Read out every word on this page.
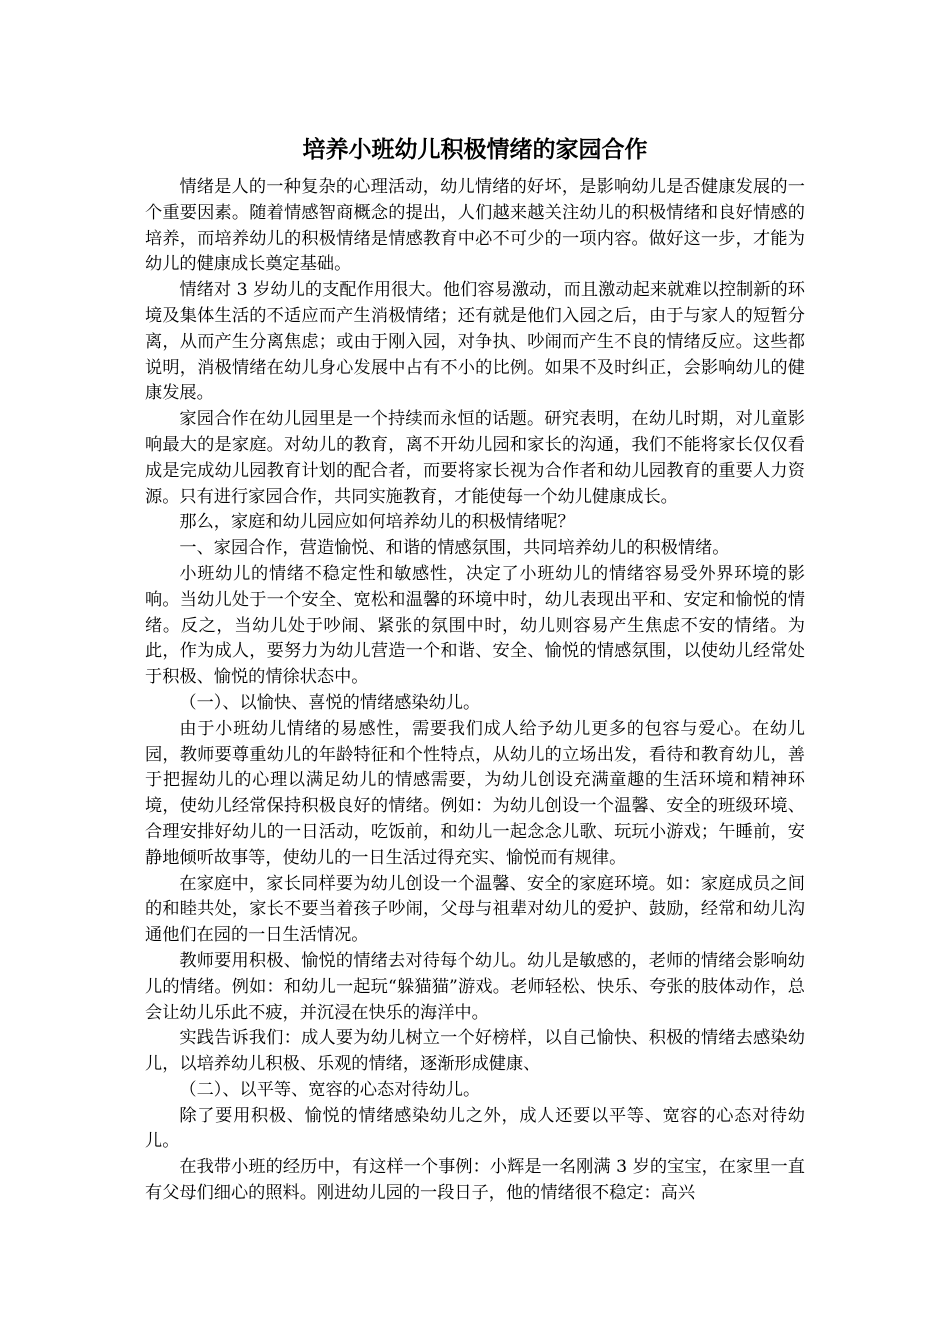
培养小班幼儿积极情绪的家园合作

情绪是人的一种复杂的心理活动，幼儿情绪的好坏，是影响幼儿是否健康发展的一个重要因素。随着情感智商概念的提出，人们越来越关注幼儿的积极情绪和良好情感的培养，而培养幼儿的积极情绪是情感教育中必不可少的一项内容。做好这一步，才能为幼儿的健康成长奠定基础。

情绪对 3 岁幼儿的支配作用很大。他们容易激动，而且激动起来就难以控制新的环境及集体生活的不适应而产生消极情绪；还有就是他们入园之后，由于与家人的短暂分离，从而产生分离焦虑；或由于刚入园，对争执、吵闹而产生不良的情绪反应。这些都说明，消极情绪在幼儿身心发展中占有不小的比例。如果不及时纠正，会影响幼儿的健康发展。

家园合作在幼儿园里是一个持续而永恒的话题。研究表明，在幼儿时期，对儿童影响最大的是家庭。对幼儿的教育，离不开幼儿园和家长的沟通，我们不能将家长仅仅看成是完成幼儿园教育计划的配合者，而要将家长视为合作者和幼儿园教育的重要人力资源。只有进行家园合作，共同实施教育，才能使每一个幼儿健康成长。

那么，家庭和幼儿园应如何培养幼儿的积极情绪呢？

一、家园合作，营造愉悦、和谐的情感氛围，共同培养幼儿的积极情绪。

小班幼儿的情绪不稳定性和敏感性，决定了小班幼儿的情绪容易受外界环境的影响。当幼儿处于一个安全、宽松和温馨的环境中时，幼儿表现出平和、安定和愉悦的情绪。反之，当幼儿处于吵闹、紧张的氛围中时，幼儿则容易产生焦虑不安的情绪。为此，作为成人，要努力为幼儿营造一个和谐、安全、愉悦的情感氛围，以使幼儿经常处于积极、愉悦的情徐状态中。

（一）、以愉快、喜悦的情绪感染幼儿。

由于小班幼儿情绪的易感性，需要我们成人给予幼儿更多的包容与爱心。在幼儿园，教师要尊重幼儿的年龄特征和个性特点，从幼儿的立场出发，看待和教育幼儿，善于把握幼儿的心理以满足幼儿的情感需要，为幼儿创设充满童趣的生活环境和精神环境，使幼儿经常保持积极良好的情绪。例如：为幼儿创设一个温馨、安全的班级环境、合理安排好幼儿的一日活动，吃饭前，和幼儿一起念念儿歌、玩玩小游戏；午睡前，安静地倾听故事等，使幼儿的一日生活过得充实、愉悦而有规律。

在家庭中，家长同样要为幼儿创设一个温馨、安全的家庭环境。如：家庭成员之间的和睦共处，家长不要当着孩子吵闹，父母与祖辈对幼儿的爱护、鼓励，经常和幼儿沟通他们在园的一日生活情况。

教师要用积极、愉悦的情绪去对待每个幼儿。幼儿是敏感的，老师的情绪会影响幼儿的情绪。例如：和幼儿一起玩“躲猫猫”游戏。老师轻松、快乐、夸张的肢体动作，总会让幼儿乐此不疲，并沉浸在快乐的海洋中。

实践告诉我们：成人要为幼儿树立一个好榜样，以自己愉快、积极的情绪去感染幼儿，以培养幼儿积极、乐观的情绪，逐渐形成健康、

（二）、以平等、宽容的心态对待幼儿。

除了要用积极、愉悦的情绪感染幼儿之外，成人还要以平等、宽容的心态对待幼儿。

在我带小班的经历中，有这样一个事例：小辉是一名刚满 3 岁的宝宝，在家里一直有父母们细心的照料。刚进幼儿园的一段日子，他的情绪很不稳定：高兴
